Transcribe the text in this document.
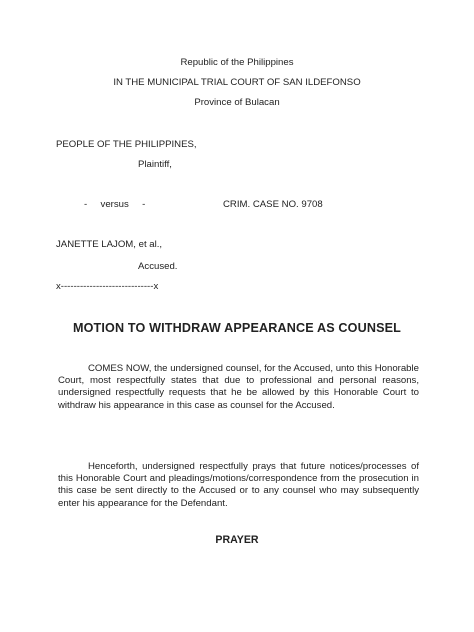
Republic of the Philippines
IN THE MUNICIPAL TRIAL COURT OF SAN ILDEFONSO
Province of Bulacan
PEOPLE OF THE PHILIPPINES,
Plaintiff,
-     versus     -	CRIM. CASE NO. 9708
JANETTE LAJOM, et al.,
Accused.
x-----------------------------x
MOTION TO WITHDRAW APPEARANCE AS COUNSEL

COMES NOW, the undersigned counsel, for the Accused, unto this Honorable Court, most respectfully states that due to professional and personal reasons, undersigned respectfully requests that he be allowed by this Honorable Court to withdraw his appearance in this case as counsel for the Accused.

Henceforth, undersigned respectfully prays that future notices/processes of this Honorable Court and pleadings/motions/correspondence from the prosecution in this case be sent directly to the Accused or to any counsel who may subsequently enter his appearance for the Defendant.

PRAYER
